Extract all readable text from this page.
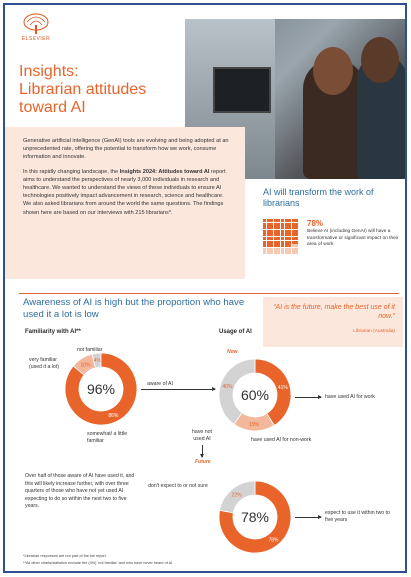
ELSEVIER
Insights:
Librarian attitudes
toward AI

Generative artificial intelligence (GenAI) tools are evolving and being adopted at an unprecedented rate, offering the potential to transform how we work, consume information and innovate.

In this rapidly changing landscape, the Insights 2024: Attitudes toward AI report aims to understand the perspectives of nearly 3,000 individuals in research and healthcare. We wanted to understand the views of these individuals to ensure AI technologies positively impact advancement in research, science and healthcare. We also asked librarians from around the world the same questions. The findings shown here are based on our interviews with 215 librarians*.

AI will transform the work of librarians
78%
Believe AI (including GenAI) will have a transformative or significant impact on their area of work
Awareness of AI is high but the proportion who have used it a lot is low
“AI is the future, make the best use of it now.”
Librarian (Australia)
Familiarity with AI**
very familiar (used it a lot)
not familiar
10%
4%
86%
96%
somewhat/ a little familiar
aware of AI
Usage of AI
Now
41%
19%
40% 60%	have used AI for work
have used AI for non-work
have not used AI
Future
78%
22%
78%
don't expect to or not sure
expect to use it within two to five years
Over half of those aware of AI have used it, and this will likely increase further, with over three quarters of those who have not yet used AI expecting to do so within the next two to five years.
*Librarian responses are not part of the full report.
**All other charts/statistics exclude the (4%) 'not familiar' and who have never heard of AI.
